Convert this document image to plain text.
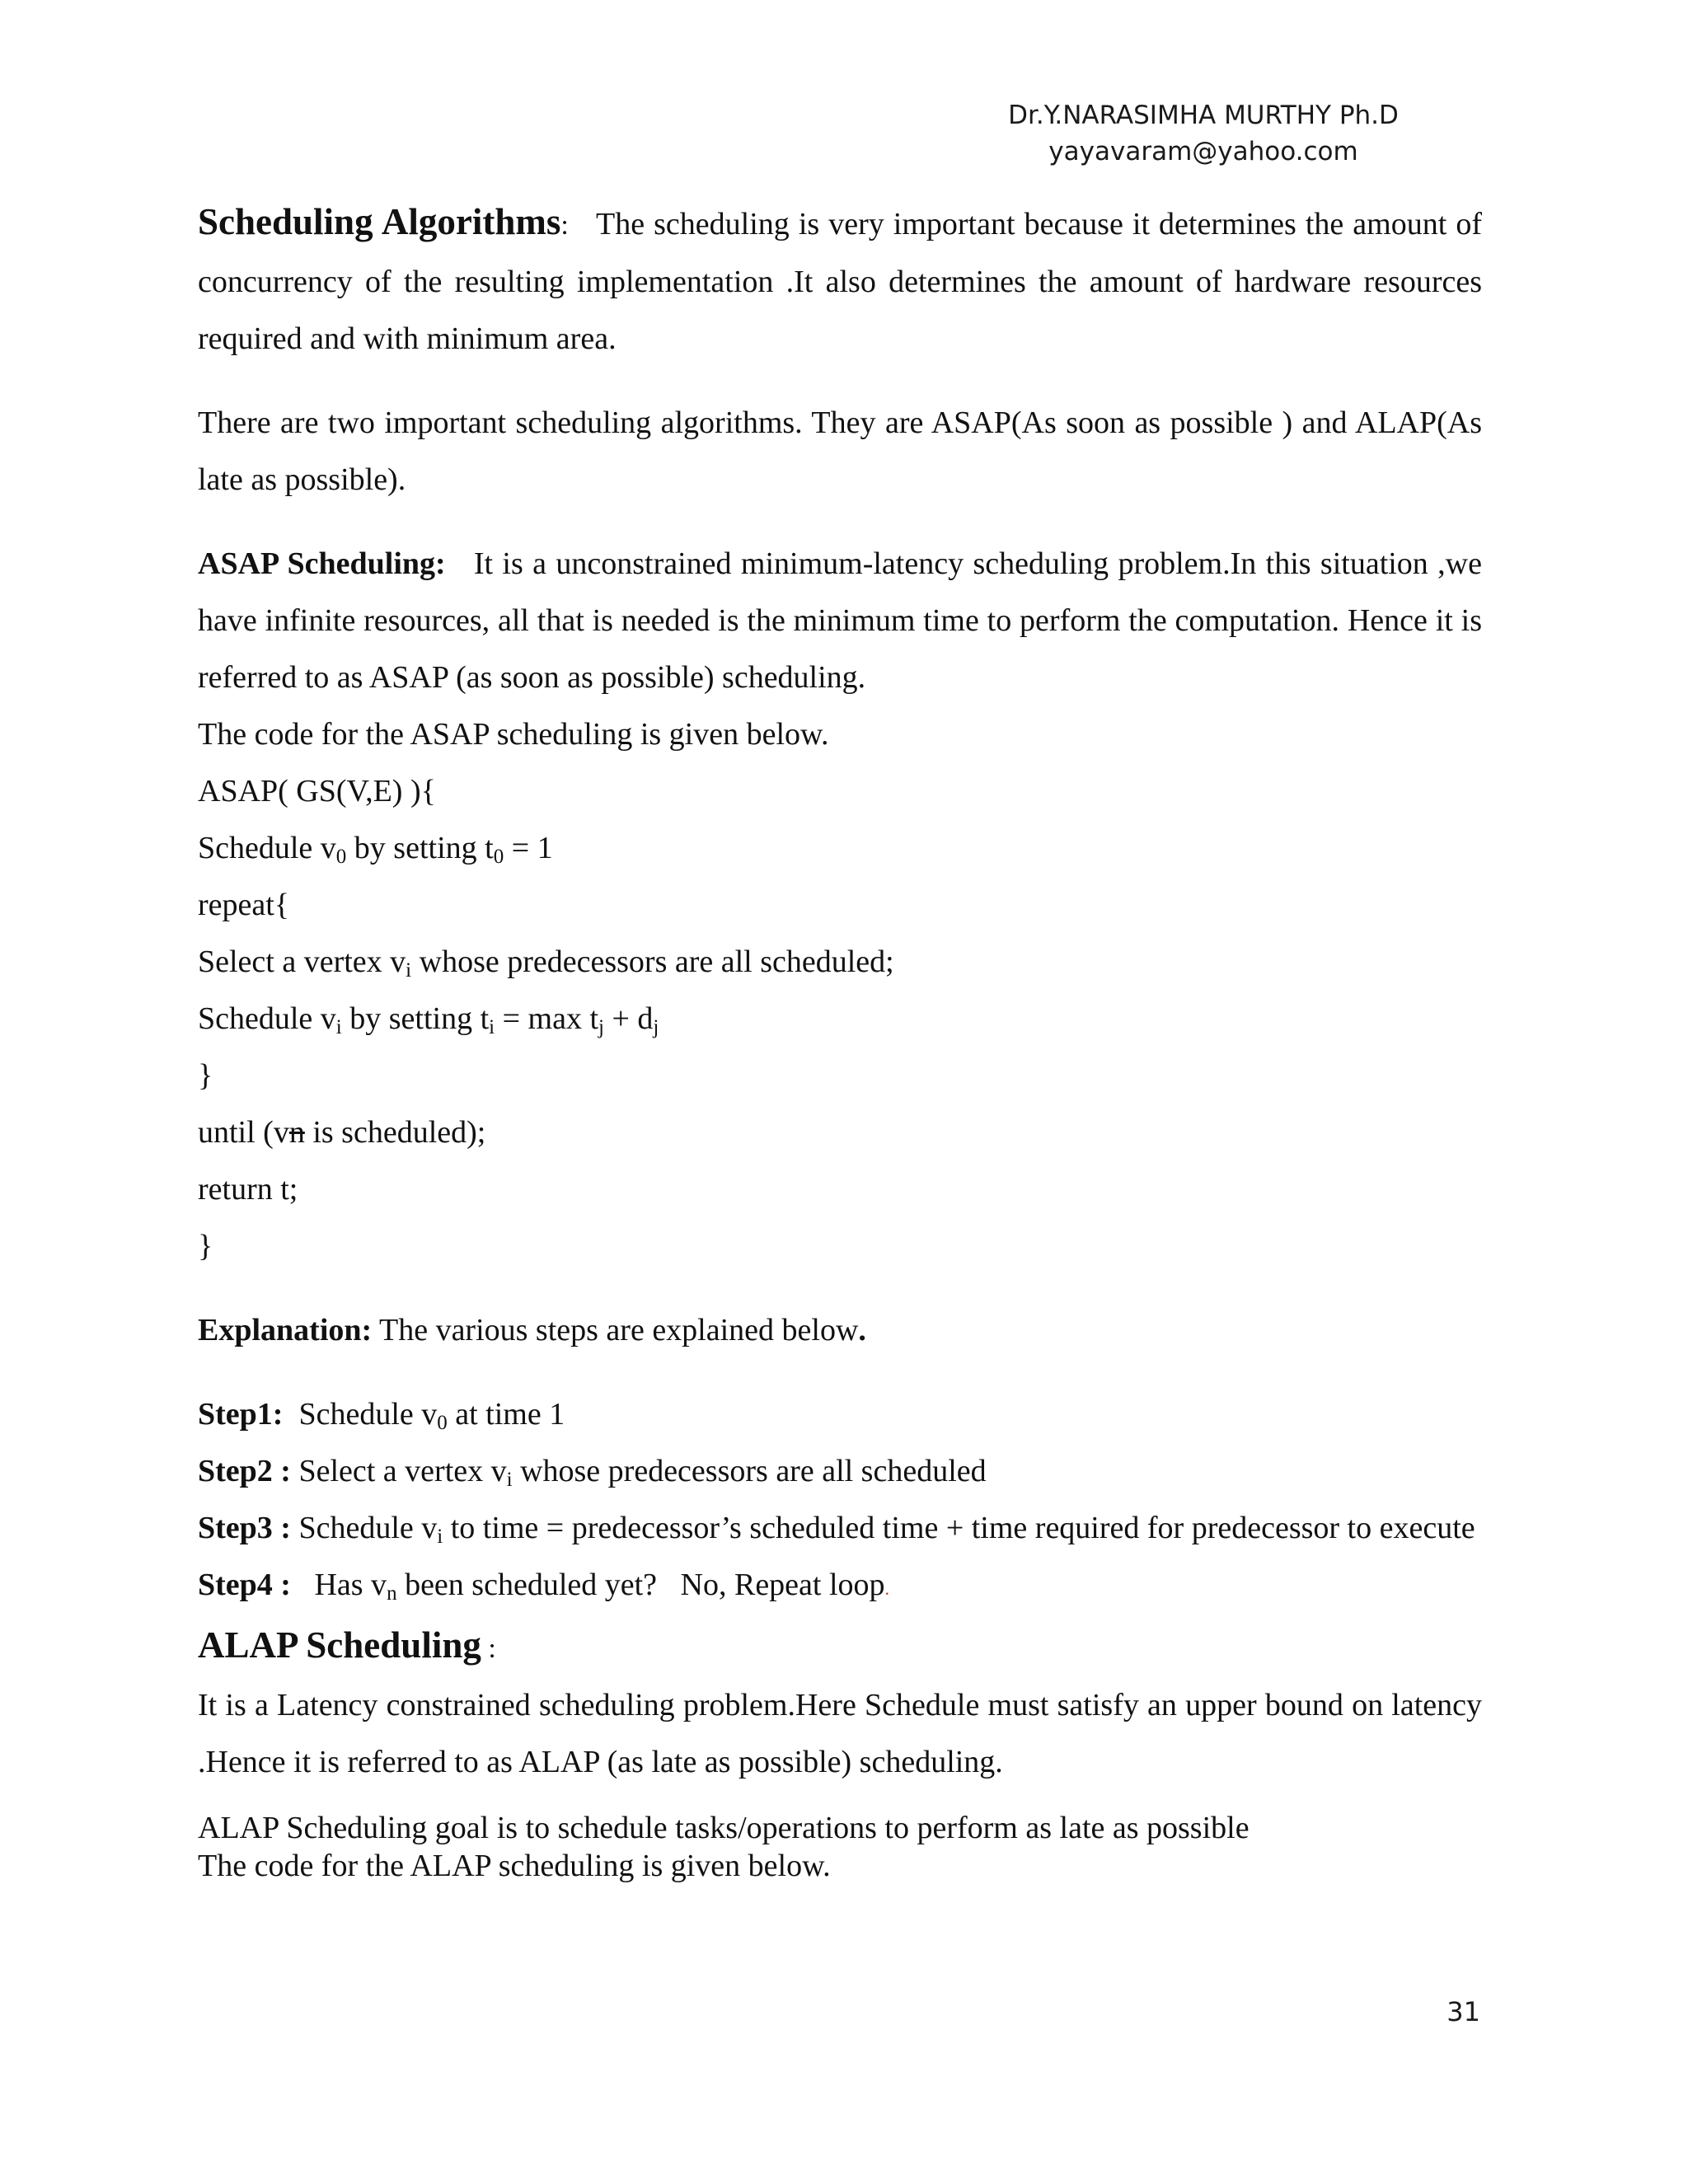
Dr.Y.NARASIMHA MURTHY Ph.D
yayavaram@yahoo.com

Scheduling Algorithms: The scheduling is very important because it determines the amount of concurrency of the resulting implementation .It also determines the amount of hardware resources required and with minimum area.

There are two important scheduling algorithms. They are ASAP(As soon as possible ) and ALAP(As late as possible).

ASAP Scheduling: It is a unconstrained minimum-latency scheduling problem.In this situation ,we have infinite resources, all that is needed is the minimum time to perform the computation. Hence it is referred to as ASAP (as soon as possible) scheduling.

The code for the ASAP scheduling is given below.

ASAP( GS(V,E) ){

Schedule $v_0$ by setting $t_0 = 1$

repeat{

Select a vertex $v_i$ whose predecessors are all scheduled;

Schedule $v_i$ by setting $t_i = \max t_j + d_j$

}

until (vn is scheduled);

return t;

}

Explanation: The various steps are explained below.

Step1:  Schedule $v_0$ at time 1

Step2 : Select a vertex $v_i$ whose predecessors are all scheduled

Step3 : Schedule $v_i$ to time = predecessor’s scheduled time + time required for predecessor to execute

Step4 :   Has $v_n$ been scheduled yet?   No, Repeat loop.

ALAP Scheduling :

It is a Latency constrained scheduling problem.Here Schedule must satisfy an upper bound on latency .Hence it is referred to as ALAP (as late as possible) scheduling.

ALAP Scheduling goal is to schedule tasks/operations to perform as late as possible

The code for the ALAP scheduling is given below.

31
